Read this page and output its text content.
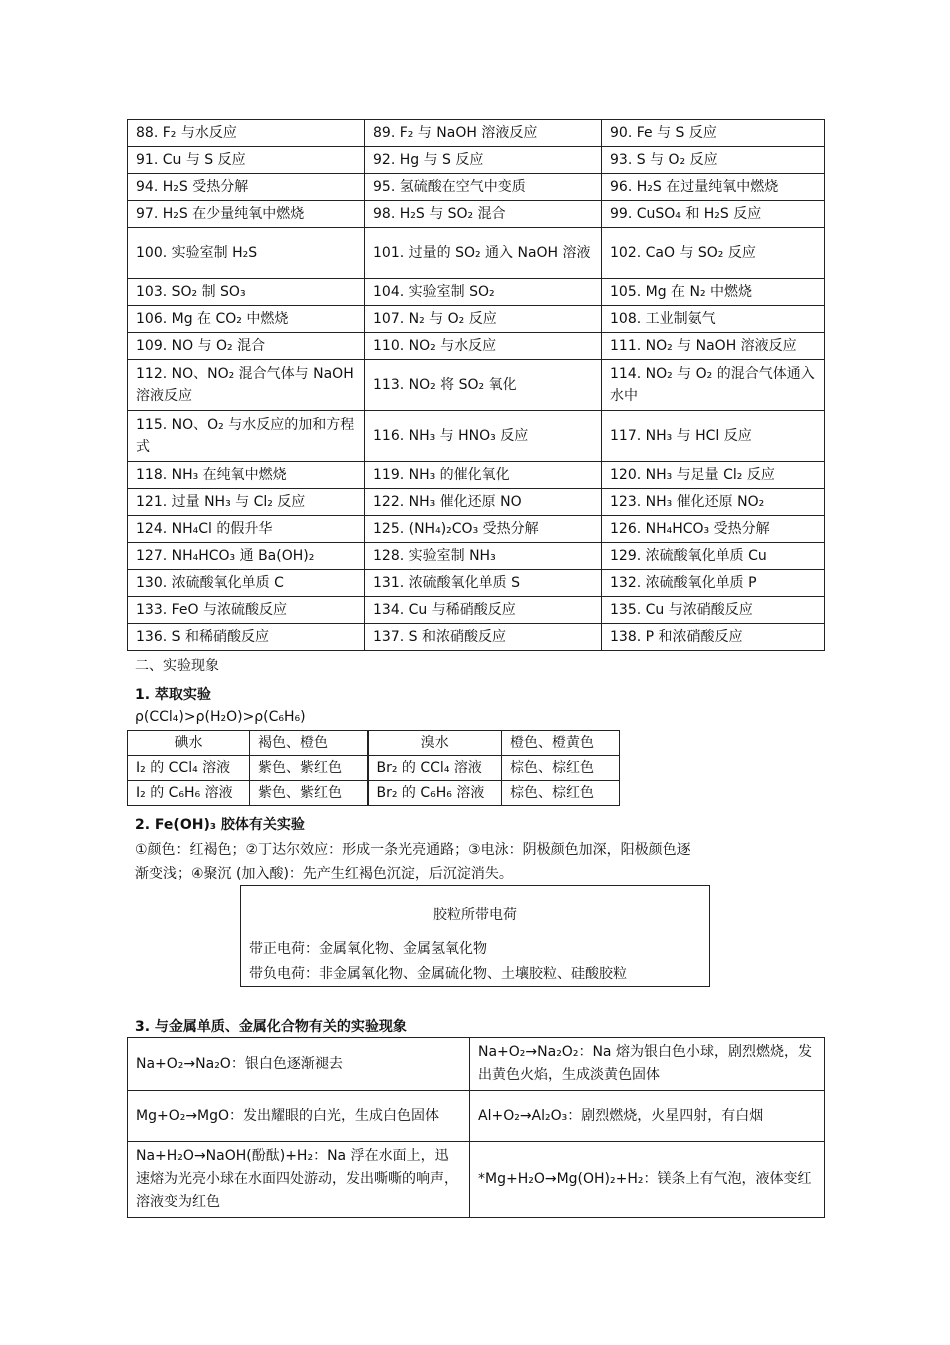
88. F₂ 与水反应	89. F₂ 与 NaOH 溶液反应	90. Fe 与 S 反应
91. Cu 与 S 反应	92. Hg 与 S 反应	93. S 与 O₂ 反应
94. H₂S 受热分解	95. 氢硫酸在空气中变质	96. H₂S 在过量纯氧中燃烧
97. H₂S 在少量纯氧中燃烧	98. H₂S 与 SO₂ 混合	99. CuSO₄ 和 H₂S 反应
100. 实验室制 H₂S	101. 过量的 SO₂ 通入 NaOH 溶液	102. CaO 与 SO₂ 反应
103. SO₂ 制 SO₃	104. 实验室制 SO₂	105. Mg 在 N₂ 中燃烧
106. Mg 在 CO₂ 中燃烧	107. N₂ 与 O₂ 反应	108. 工业制氨气
109. NO 与 O₂ 混合	110. NO₂ 与水反应	111. NO₂ 与 NaOH 溶液反应
112. NO、NO₂ 混合气体与 NaOH 溶液反应	113. NO₂ 将 SO₂ 氧化	114. NO₂ 与 O₂ 的混合气体通入水中
115. NO、O₂ 与水反应的加和方程式	116. NH₃ 与 HNO₃ 反应	117. NH₃ 与 HCl 反应
118. NH₃ 在纯氧中燃烧	119. NH₃ 的催化氧化	120. NH₃ 与足量 Cl₂ 反应
121. 过量 NH₃ 与 Cl₂ 反应	122. NH₃ 催化还原 NO	123. NH₃ 催化还原 NO₂
124. NH₄Cl 的假升华	125. (NH₄)₂CO₃ 受热分解	126. NH₄HCO₃ 受热分解
127. NH₄HCO₃ 通 Ba(OH)₂	128. 实验室制 NH₃	129. 浓硫酸氧化单质 Cu
130. 浓硫酸氧化单质 C	131. 浓硫酸氧化单质 S	132. 浓硫酸氧化单质 P
133. FeO 与浓硫酸反应	134. Cu 与稀硝酸反应	135. Cu 与浓硝酸反应
136. S 和稀硝酸反应	137. S 和浓硝酸反应	138. P 和浓硝酸反应
二、实验现象
1. 萃取实验
ρ(CCl₄)>ρ(H₂O)>ρ(C₆H₆)
碘水	褐色、橙色	溴水	橙色、橙黄色
I₂ 的 CCl₄ 溶液	紫色、紫红色	Br₂ 的 CCl₄ 溶液	棕色、棕红色
I₂ 的 C₆H₆ 溶液	紫色、紫红色	Br₂ 的 C₆H₆ 溶液	棕色、棕红色
2. Fe(OH)₃ 胶体有关实验
①颜色：红褐色；②丁达尔效应：形成一条光亮通路；③电泳：阴极颜色加深，阳极颜色逐
渐变浅；④聚沉 (加入酸)：先产生红褐色沉淀，后沉淀消失。
胶粒所带电荷
带正电荷：金属氧化物、金属氢氧化物
带负电荷：非金属氧化物、金属硫化物、土壤胶粒、硅酸胶粒
3. 与金属单质、金属化合物有关的实验现象
Na+O₂→Na₂O：银白色逐渐褪去	Na+O₂→Na₂O₂：Na 熔为银白色小球，剧烈燃烧，发出黄色火焰，生成淡黄色固体
Mg+O₂→MgO：发出耀眼的白光，生成白色固体	Al+O₂→Al₂O₃：剧烈燃烧，火星四射，有白烟
Na+H₂O→NaOH(酚酞)+H₂：Na 浮在水面上，迅速熔为光亮小球在水面四处游动，发出嘶嘶的响声，溶液变为红色	*Mg+H₂O→Mg(OH)₂+H₂：镁条上有气泡，液体变红
